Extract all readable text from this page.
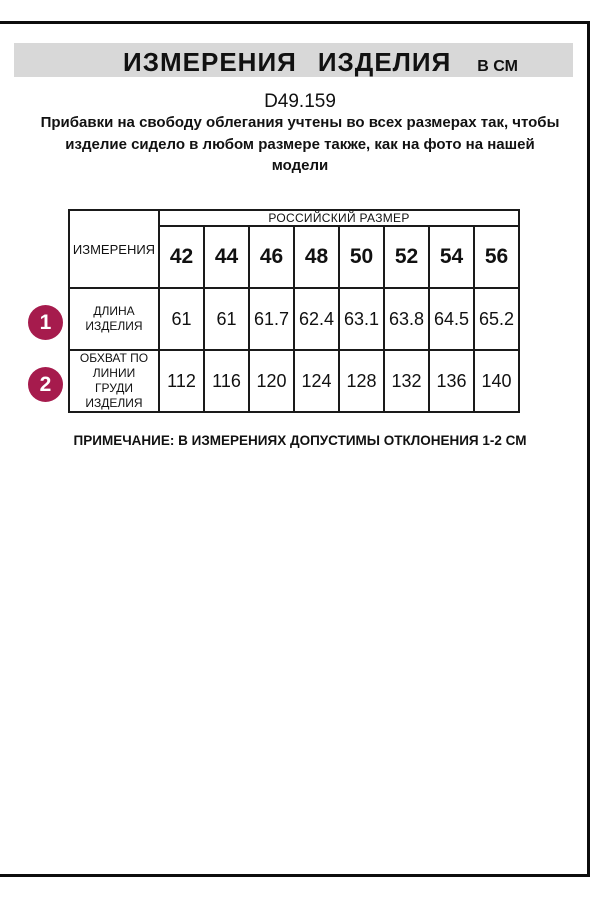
ИЗМЕРЕНИЯ ИЗДЕЛИЯ В СМ
D49.159
Прибавки на свободу облегания учтены во всех размерах так, чтобы
изделие сидело в любом размере также, как на фото на нашей
модели
ИЗМЕРЕНИЯ	РОССИЙСКИЙ РАЗМЕР							
	42	44	46	48	50	52	54	56
ДЛИНА ИЗДЕЛИЯ	61	61	61.7	62.4	63.1	63.8	64.5	65.2
ОБХВАТ ПО ЛИНИИ ГРУДИ ИЗДЕЛИЯ	112	116	120	124	128	132	136	140
1
2
ПРИМЕЧАНИЕ: В ИЗМЕРЕНИЯХ ДОПУСТИМЫ ОТКЛОНЕНИЯ 1-2 СМ
